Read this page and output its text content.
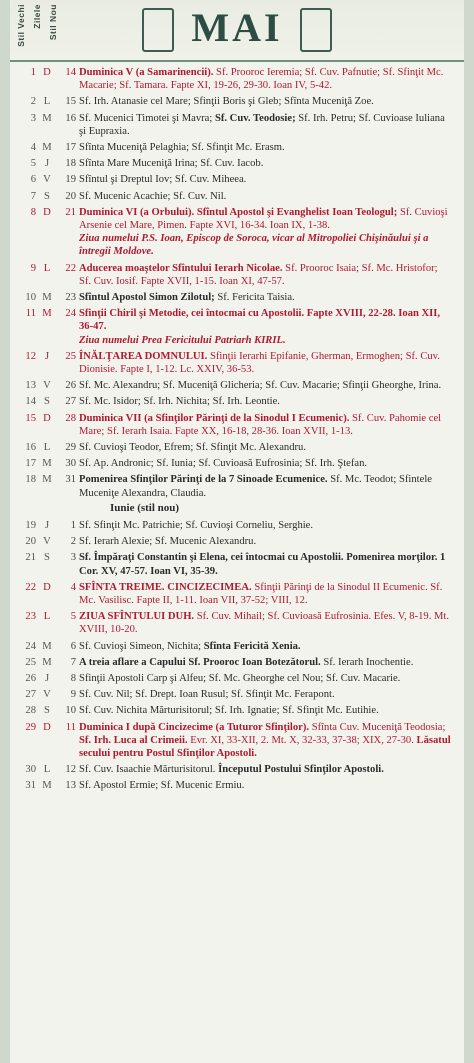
Stil Vechi Zilele Stil Nou	MAI
1 D	14 Duminica V (a Samarinencii). Sf. Prooroc Ieremia; Sf. Cuv. Pafnutie; Sf. Sfinţit Mc. Macarie; Sf. Tamara. Fapte XI, 19-26, 29-30. Ioan IV, 5-42.
2 L	15 Sf. Irh. Atanasie cel Mare; Sfinţii Boris şi Gleb; Sfînta Muceniţă Zoe.
3 M	16 Sf. Mucenici Timotei şi Mavra; Sf. Cuv. Teodosie; Sf. Irh. Petru; Sf. Cuvioase Iuliana şi Eupraxia.
4 M	17 Sfînta Muceniţă Pelaghia; Sf. Sfinţit Mc. Erasm.
5 J	18 Sfînta Mare Muceniţă Irina; Sf. Cuv. Iacob.
6 V	19 Sfîntul şi Dreptul Iov; Sf. Cuv. Miheea.
7 S	20 Sf. Mucenic Acachie; Sf. Cuv. Nil.
8 D	21 Duminica VI (a Orbului). Sfîntul Apostol şi Evanghelist Ioan Teologul; Sf. Cuvioşi Arsenie cel Mare, Pimen. Fapte XVI, 16-34. Ioan IX, 1-38.
Ziua numelui P.S. Ioan, Episcop de Soroca, vicar al Mitropoliei Chişinăului şi a întregii Moldove.
9 L	22 Aducerea moaştelor Sfîntului Ierarh Nicolae. Sf. Prooroc Isaia; Sf. Mc. Hristofor; Sf. Cuv. Iosif. Fapte XVII, 1-15. Ioan XI, 47-57.
10 M	23 Sfîntul Apostol Simon Zilotul; Sf. Fericita Taisia.
11 M	24 Sfinţii Chiril şi Metodie, cei întocmai cu Apostolii. Fapte XVIII, 22-28. Ioan XII, 36-47.
Ziua numelui Prea Fericitului Patriarh KIRIL.
12 J	25 ÎNĂLŢAREA DOMNULUI. Sfinţii Ierarhi Epifanie, Gherman, Ermoghen; Sf. Cuv. Dionisie. Fapte I, 1-12. Lc. XXIV, 36-53.
13 V	26 Sf. Mc. Alexandru; Sf. Muceniţă Glicheria; Sf. Cuv. Macarie; Sfinţii Gheorghe, Irina.
14 S	27 Sf. Mc. Isidor; Sf. Irh. Nichita; Sf. Irh. Leontie.
15 D	28 Duminica VII (a Sfinţilor Părinţi de la Sinodul I Ecumenic). Sf. Cuv. Pahomie cel Mare; Sf. Ierarh Isaia. Fapte XX, 16-18, 28-36. Ioan XVII, 1-13.
16 L	29 Sf. Cuvioşi Teodor, Efrem; Sf. Sfinţit Mc. Alexandru.
17 M	30 Sf. Ap. Andronic; Sf. Iunia; Sf. Cuvioasă Eufrosinia; Sf. Irh. Ştefan.
18 M	31 Pomenirea Sfinţilor Părinţi de la 7 Sinoade Ecumenice. Sf. Mc. Teodot; Sfintele Muceniţe Alexandra, Claudia.
Iunie (stil nou)
19 J	1 Sf. Sfinţit Mc. Patrichie; Sf. Cuvioşi Corneliu, Serghie.
20 V	2 Sf. Ierarh Alexie; Sf. Mucenic Alexandru.
21 S	3 Sf. Împăraţi Constantin şi Elena, cei întocmai cu Apostolii. Pomenirea morţilor. 1 Cor. XV, 47-57. Ioan VI, 35-39.
22 D	4 SFÎNTA TREIME. CINCIZECIMEA. Sfinţii Părinţi de la Sinodul II Ecumenic. Sf. Mc. Vasilisc. Fapte II, 1-11. Ioan VII, 37-52; VIII, 12.
23 L	5 ZIUA SFÎNTULUI DUH. Sf. Cuv. Mihail; Sf. Cuvioasă Eufrosinia. Efes. V, 8-19. Mt. XVIII, 10-20.
24 M	6 Sf. Cuvioşi Simeon, Nichita; Sfînta Fericită Xenia.
25 M	7 A treia aflare a Capului Sf. Prooroc Ioan Botezătorul. Sf. Ierarh Inochentie.
26 J	8 Sfinţii Apostoli Carp şi Alfeu; Sf. Mc. Gheorghe cel Nou; Sf. Cuv. Macarie.
27 V	9 Sf. Cuv. Nil; Sf. Drept. Ioan Rusul; Sf. Sfinţit Mc. Ferapont.
28 S	10 Sf. Cuv. Nichita Mărturisitorul; Sf. Irh. Ignatie; Sf. Sfinţit Mc. Eutihie.
29 D	11 Duminica I după Cincizecime (a Tuturor Sfinţilor). Sfînta Cuv. Muceniţă Teodosia; Sf. Irh. Luca al Crimeii. Evr. XI, 33-XII, 2. Mt. X, 32-33, 37-38; XIX, 27-30. Lăsatul secului pentru Postul Sfinţilor Apostoli.
30 L	12 Sf. Cuv. Isaachie Mărturisitorul. Începutul Postului Sfinţilor Apostoli.
31 M	13 Sf. Apostol Ermie; Sf. Mucenic Ermiu.
